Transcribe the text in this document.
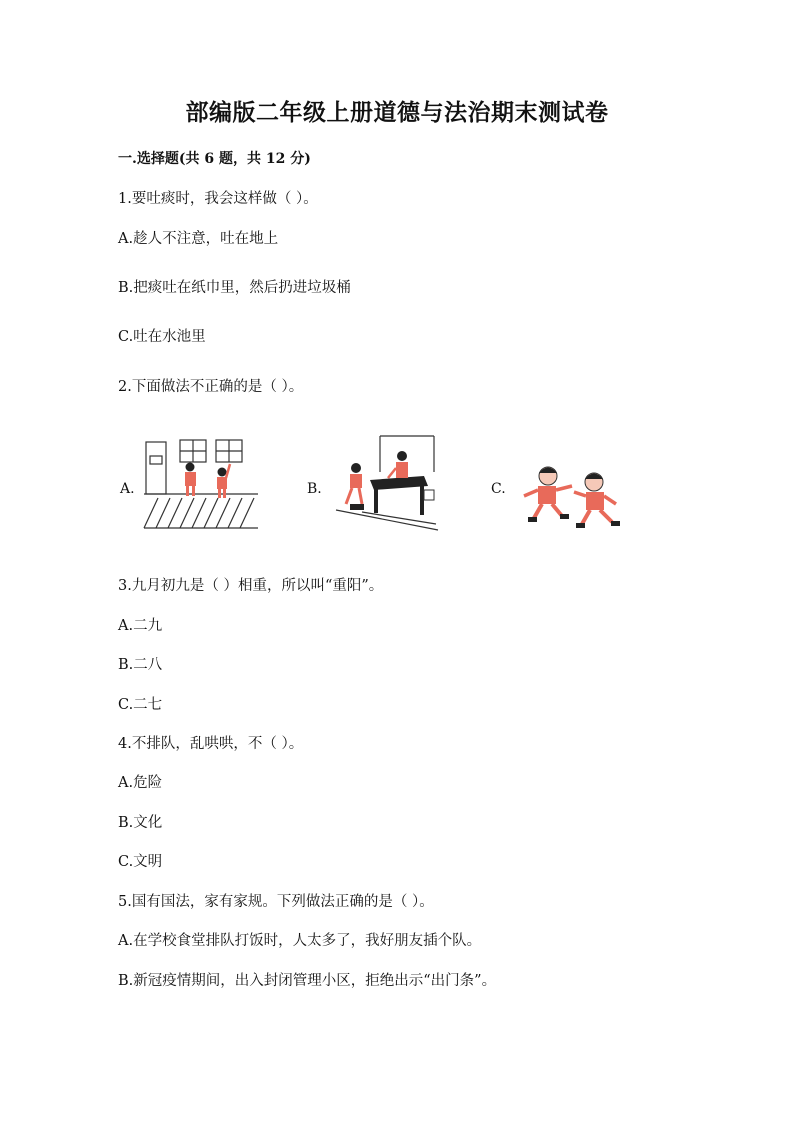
部编版二年级上册道德与法治期末测试卷
一.选择题(共 6 题，共 12 分)
1.要吐痰时，我会这样做（ ）。
A.趁人不注意，吐在地上
B.把痰吐在纸巾里，然后扔进垃圾桶
C.吐在水池里
2.下面做法不正确的是（ ）。
A.	B.	C.
3.九月初九是（ ）相重，所以叫“重阳”。
A.二九
B.二八
C.二七
4.不排队，乱哄哄，不（ ）。
A.危险
B.文化
C.文明
5.国有国法，家有家规。下列做法正确的是（ ）。
A.在学校食堂排队打饭时，人太多了，我好朋友插个队。
B.新冠疫情期间，出入封闭管理小区，拒绝出示“出门条”。
